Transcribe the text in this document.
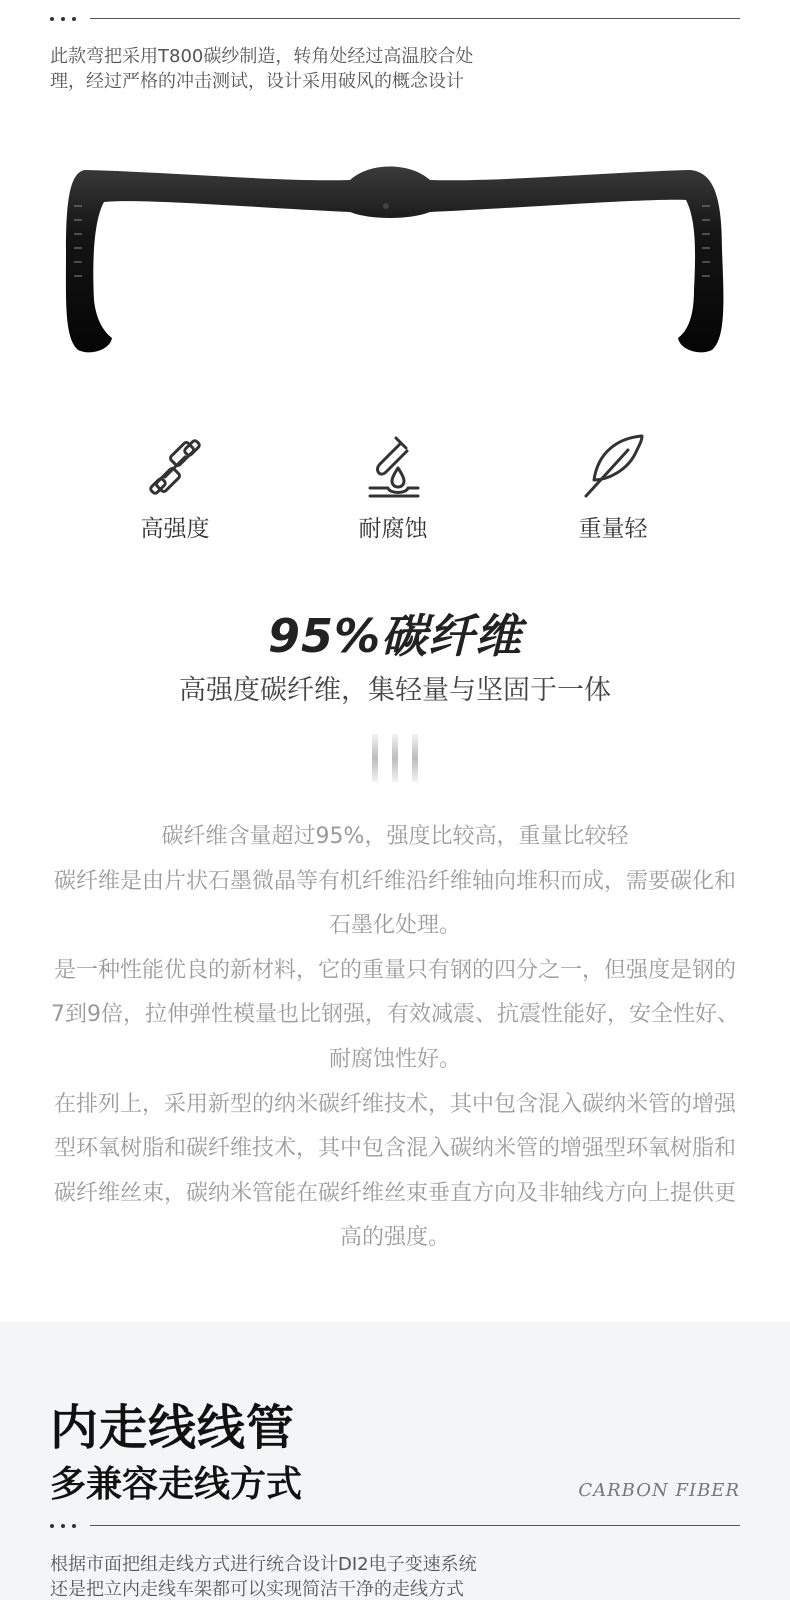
此款弯把采用T800碳纱制造，转角处经过高温胶合处
理，经过严格的冲击测试，设计采用破风的概念设计
高强度	耐腐蚀	重量轻
95%碳纤维
高强度碳纤维，集轻量与坚固于一体

碳纤维含量超过95%，强度比较高，重量比较轻

碳纤维是由片状石墨微晶等有机纤维沿纤维轴向堆积而成，需要碳化和石墨化处理。

是一种性能优良的新材料，它的重量只有钢的四分之一，但强度是钢的7到9倍，拉伸弹性模量也比钢强，有效减震、抗震性能好，安全性好、耐腐蚀性好。

在排列上，采用新型的纳米碳纤维技术，其中包含混入碳纳米管的增强型环氧树脂和碳纤维技术，其中包含混入碳纳米管的增强型环氧树脂和碳纤维丝束，碳纳米管能在碳纤维丝束垂直方向及非轴线方向上提供更高的强度。

内走线线管
多兼容走线方式	CARBON FIBER
根据市面把组走线方式进行统合设计DI2电子变速系统
还是把立内走线车架都可以实现简洁干净的走线方式
